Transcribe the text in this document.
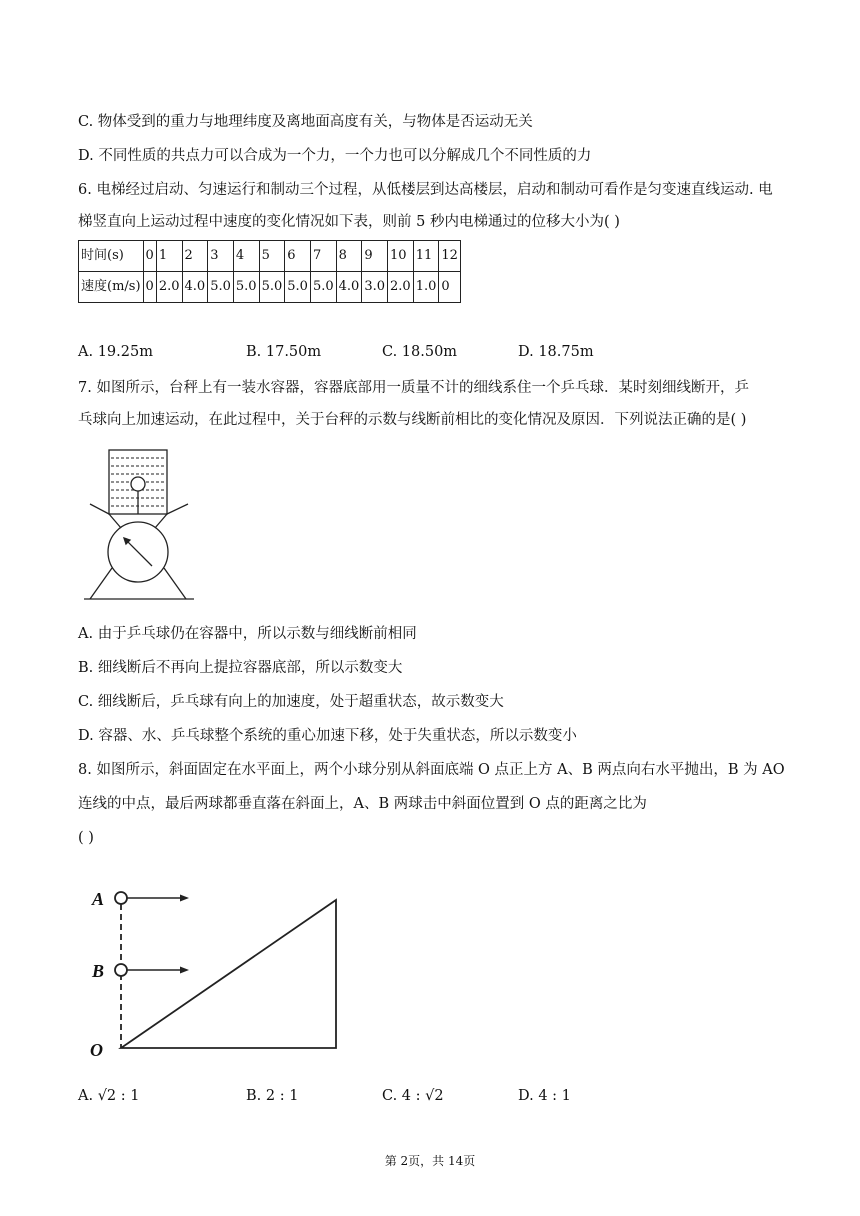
C. 物体受到的重力与地理纬度及离地面高度有关，与物体是否运动无关
D. 不同性质的共点力可以合成为一个力，一个力也可以分解成几个不同性质的力
6. 电梯经过启动、匀速运行和制动三个过程，从低楼层到达高楼层，启动和制动可看作是匀变速直线运动. 电
梯竖直向上运动过程中速度的变化情况如下表，则前 5 秒内电梯通过的位移大小为( )
时间(s)	0	1	2	3	4	5	6	7	8	9	10	11	12
速度(m/s)	0	2.0	4.0	5.0	5.0	5.0	5.0	5.0	4.0	3.0	2.0	1.0	0
A. 19.25m	B. 17.50m	C. 18.50m	D. 18.75m
7. 如图所示，台秤上有一装水容器，容器底部用一质量不计的细线系住一个乒乓球．某时刻细线断开，乒
乓球向上加速运动，在此过程中，关于台秤的示数与线断前相比的变化情况及原因．下列说法正确的是( )
A. 由于乒乓球仍在容器中，所以示数与细线断前相同
B. 细线断后不再向上提拉容器底部，所以示数变大
C. 细线断后，乒乓球有向上的加速度，处于超重状态，故示数变大
D. 容器、水、乒乓球整个系统的重心加速下移，处于失重状态，所以示数变小
8. 如图所示，斜面固定在水平面上，两个小球分别从斜面底端 O 点正上方 A、B 两点向右水平抛出，B 为 AO
连线的中点，最后两球都垂直落在斜面上，A、B 两球击中斜面位置到 O 点的距离之比为
( )
A
B
O
A. √2 : 1	B. 2 : 1	C. 4 : √2	D. 4 : 1
第 2页，共 14页
